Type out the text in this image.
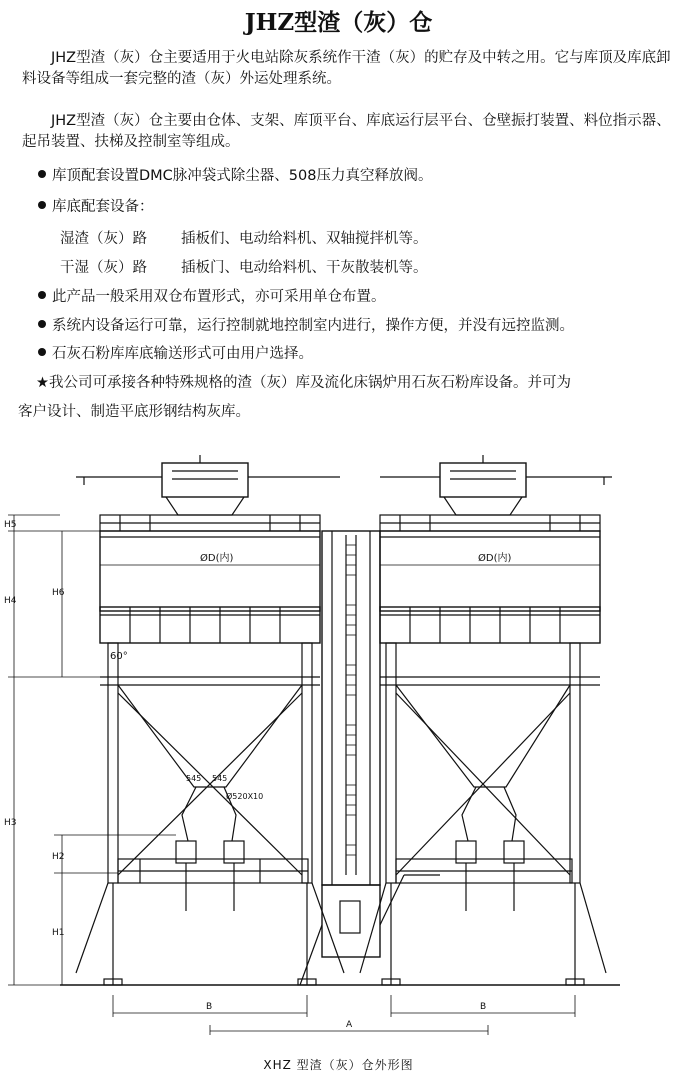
JHZ型渣（灰）仓
JHZ型渣（灰）仓主要适用于火电站除灰系统作干渣（灰）的贮存及中转之用。它与库顶及库底卸料设备等组成一套完整的渣（灰）外运处理系统。
JHZ型渣（灰）仓主要由仓体、支架、库顶平台、库底运行层平台、仓壁振打装置、料位指示器、起吊装置、扶梯及控制室等组成。
库顶配套设置DMC脉冲袋式除尘器、508压力真空释放阀。
库底配套设备：
湿渣（灰）路 插板们、电动给料机、双轴搅拌机等。
干湿（灰）路 插板门、电动给料机、干灰散装机等。
此产品一般采用双仓布置形式，亦可采用单仓布置。
系统内设备运行可靠，运行控制就地控制室内进行，操作方便，并没有远控监测。
石灰石粉库库底输送形式可由用户选择。
★我公司可承接各种特殊规格的渣（灰）库及流化床锅炉用石灰石粉库设备。并可为
客户设计、制造平底形钢结构灰库。
ØD(内)	ØD(内)
60°
545 545
Ø520X10
H5
H4
H6
H3
H2
H1
B	B
A
XHZ 型渣（灰）仓外形图
